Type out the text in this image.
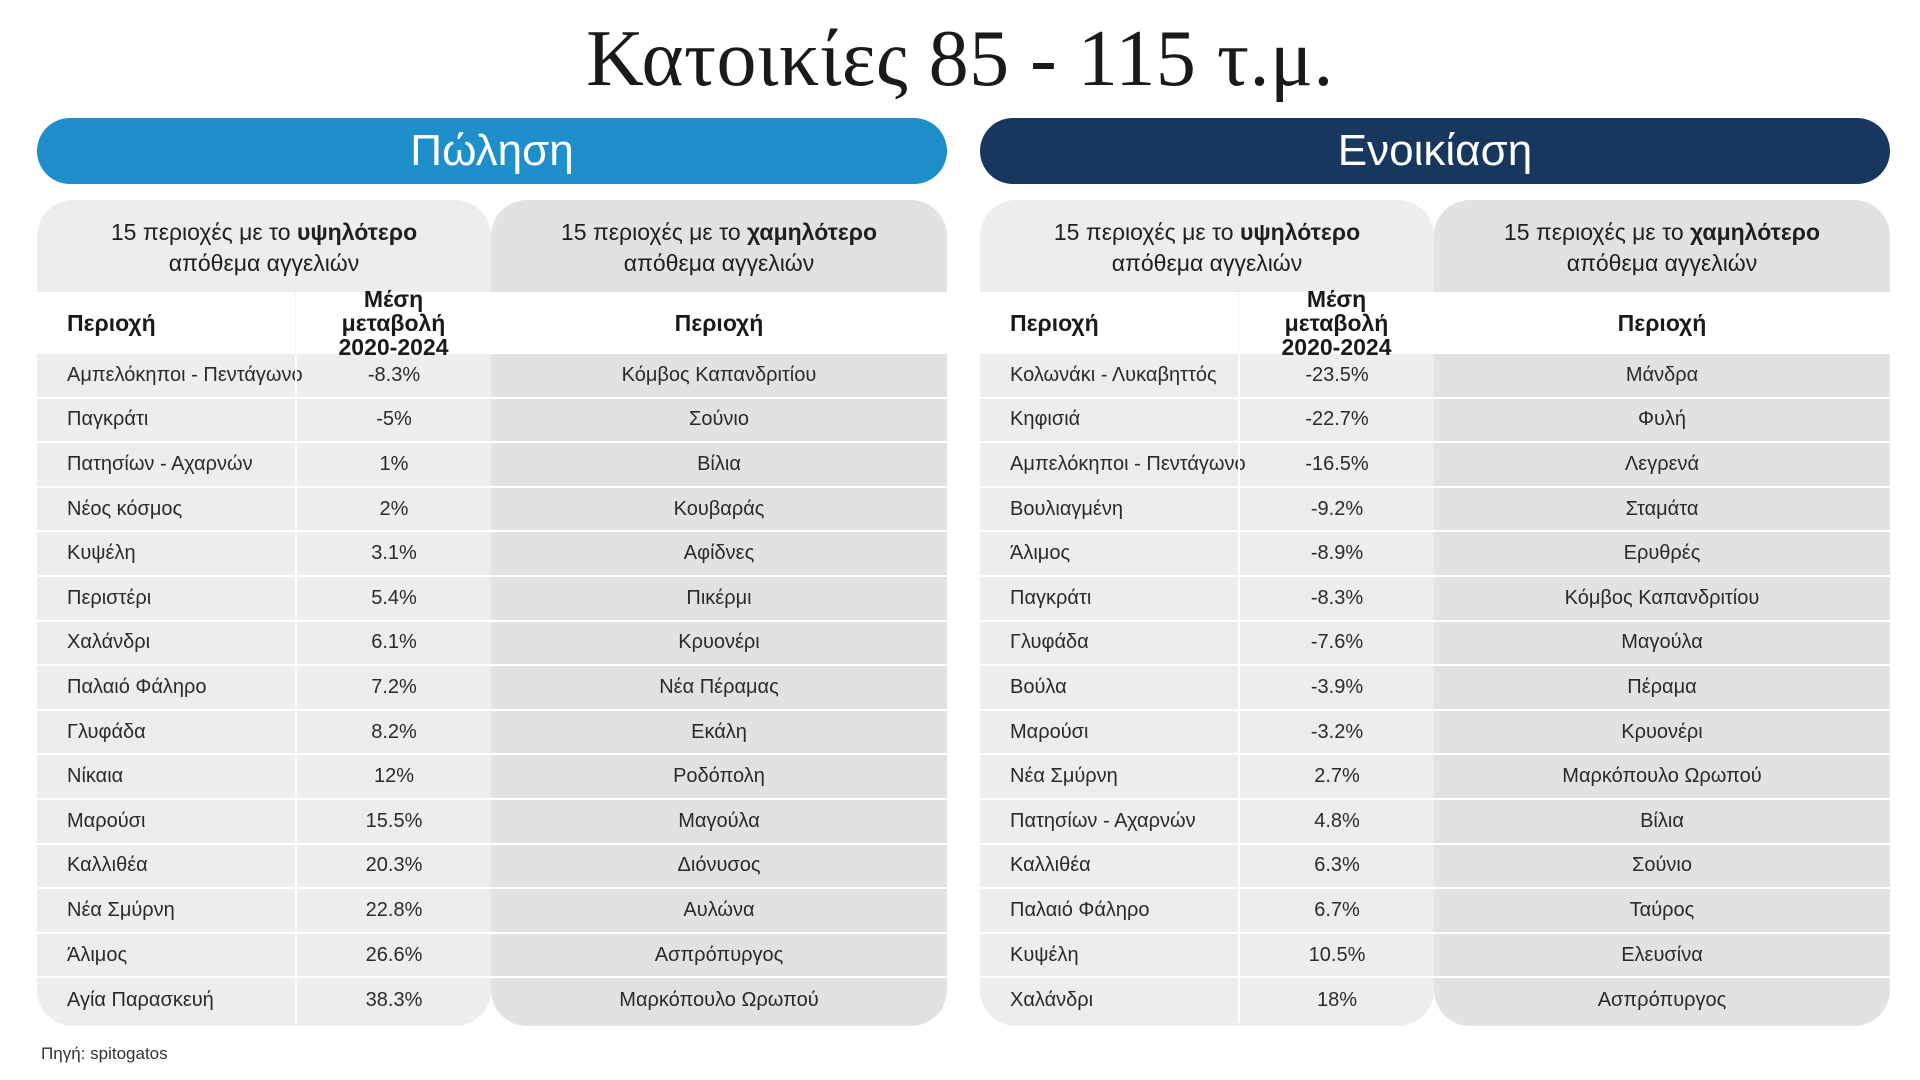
Κατοικίες 85 - 115 τ.μ.
Πώληση
15 περιοχές με το υψηλότερο
απόθεμα αγγελιών
Περιοχή
Μέση μεταβολή 2020-2024
Αμπελόκηποι - Πεντάγωνο	-8.3%
Παγκράτι	-5%
Πατησίων - Αχαρνών	1%
Νέος κόσμος	2%
Κυψέλη	3.1%
Περιστέρι	5.4%
Χαλάνδρι	6.1%
Παλαιό Φάληρο	7.2%
Γλυφάδα	8.2%
Νίκαια	12%
Μαρούσι	15.5%
Καλλιθέα	20.3%
Νέα Σμύρνη	22.8%
Άλιμος	26.6%
Αγία Παρασκευή	38.3%
15 περιοχές με το χαμηλότερο
απόθεμα αγγελιών
Περιοχή
Κόμβος Καπανδριτίου
Σούνιο
Βίλια
Κουβαράς
Αφίδνες
Πικέρμι
Κρυονέρι
Νέα Πέραμας
Εκάλη
Ροδόπολη
Μαγούλα
Διόνυσος
Αυλώνα
Ασπρόπυργος
Μαρκόπουλο Ωρωπού
Ενοικίαση
15 περιοχές με το υψηλότερο
απόθεμα αγγελιών
Περιοχή
Μέση μεταβολή 2020-2024
Κολωνάκι - Λυκαβηττός	-23.5%
Κηφισιά	-22.7%
Αμπελόκηποι - Πεντάγωνο	-16.5%
Βουλιαγμένη	-9.2%
Άλιμος	-8.9%
Παγκράτι	-8.3%
Γλυφάδα	-7.6%
Βούλα	-3.9%
Μαρούσι	-3.2%
Νέα Σμύρνη	2.7%
Πατησίων - Αχαρνών	4.8%
Καλλιθέα	6.3%
Παλαιό Φάληρο	6.7%
Κυψέλη	10.5%
Χαλάνδρι	18%
15 περιοχές με το χαμηλότερο
απόθεμα αγγελιών
Περιοχή
Μάνδρα
Φυλή
Λεγρενά
Σταμάτα
Ερυθρές
Κόμβος Καπανδριτίου
Μαγούλα
Πέραμα
Κρυονέρι
Μαρκόπουλο Ωρωπού
Βίλια
Σούνιο
Ταύρος
Ελευσίνα
Ασπρόπυργος
Πηγή: spitogatos
